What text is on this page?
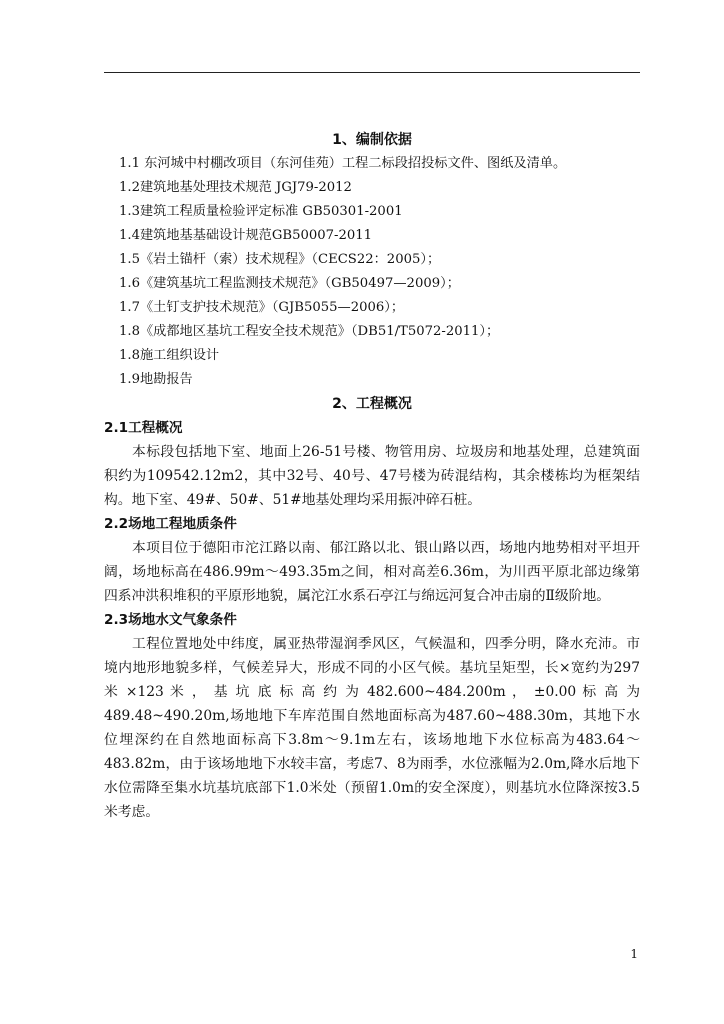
1、编制依据

1.1 东河城中村棚改项目（东河佳苑）工程二标段招投标文件、图纸及清单。

1.2建筑地基处理技术规范 JGJ79-2012

1.3建筑工程质量检验评定标准 GB50301-2001

1.4建筑地基基础设计规范GB50007-2011

1.5《岩土锚杆（索）技术规程》（CECS22：2005）；

1.6《建筑基坑工程监测技术规范》（GB50497—2009）；

1.7《土钉支护技术规范》（GJB5055—2006）；

1.8《成都地区基坑工程安全技术规范》（DB51/T5072-2011）；

1.8施工组织设计

1.9地勘报告

2、工程概况
2.1工程概况

本标段包括地下室、地面上26-51号楼、物管用房、垃圾房和地基处理，总建筑面积约为109542.12m2，其中32号、40号、47号楼为砖混结构，其余楼栋均为框架结构。地下室、49#、50#、51#地基处理均采用振冲碎石桩。

2.2场地工程地质条件

本项目位于德阳市沱江路以南、郁江路以北、银山路以西，场地内地势相对平坦开阔，场地标高在486.99m～493.35m之间，相对高差6.36m，为川西平原北部边缘第四系冲洪积堆积的平原形地貌，属沱江水系石亭江与绵远河复合冲击扇的Ⅱ级阶地。

2.3场地水文气象条件

工程位置地处中纬度，属亚热带湿润季风区，气候温和，四季分明，降水充沛。市境内地形地貌多样，气候差异大，形成不同的小区气候。基坑呈矩型，长×宽约为297 米 ×123 米 ， 基 坑 底 标 高 约 为 482.600~484.200m ， ±0.00 标 高 为489.48~490.20m,场地地下车库范围自然地面标高为487.60~488.30m，其地下水位埋深约在自然地面标高下3.8m～9.1m左右，该场地地下水位标高为483.64～483.82m，由于该场地地下水较丰富，考虑7、8为雨季，水位涨幅为2.0m,降水后地下水位需降至集水坑基坑底部下1.0米处（预留1.0m的安全深度），则基坑水位降深按3.5米考虑。

1
